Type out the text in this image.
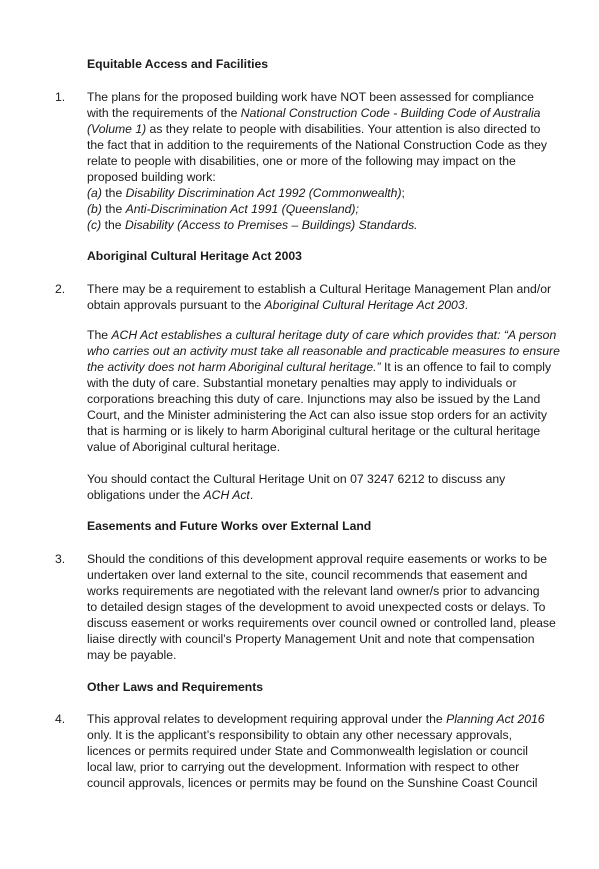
Equitable Access and Facilities
1. The plans for the proposed building work have NOT been assessed for compliance
with the requirements of the National Construction Code - Building Code of Australia
(Volume 1) as they relate to people with disabilities. Your attention is also directed to
the fact that in addition to the requirements of the National Construction Code as they
relate to people with disabilities, one or more of the following may impact on the
proposed building work:
(a) the Disability Discrimination Act 1992 (Commonwealth);
(b) the Anti-Discrimination Act 1991 (Queensland);
(c) the Disability (Access to Premises – Buildings) Standards.
Aboriginal Cultural Heritage Act 2003
2. There may be a requirement to establish a Cultural Heritage Management Plan and/or
obtain approvals pursuant to the Aboriginal Cultural Heritage Act 2003.
The ACH Act establishes a cultural heritage duty of care which provides that: “A person
who carries out an activity must take all reasonable and practicable measures to ensure
the activity does not harm Aboriginal cultural heritage.” It is an offence to fail to comply
with the duty of care. Substantial monetary penalties may apply to individuals or
corporations breaching this duty of care. Injunctions may also be issued by the Land
Court, and the Minister administering the Act can also issue stop orders for an activity
that is harming or is likely to harm Aboriginal cultural heritage or the cultural heritage
value of Aboriginal cultural heritage.
You should contact the Cultural Heritage Unit on 07 3247 6212 to discuss any
obligations under the ACH Act.
Easements and Future Works over External Land
3. Should the conditions of this development approval require easements or works to be
undertaken over land external to the site, council recommends that easement and
works requirements are negotiated with the relevant land owner/s prior to advancing
to detailed design stages of the development to avoid unexpected costs or delays. To
discuss easement or works requirements over council owned or controlled land, please
liaise directly with council’s Property Management Unit and note that compensation
may be payable.
Other Laws and Requirements
4. This approval relates to development requiring approval under the Planning Act 2016
only. It is the applicant’s responsibility to obtain any other necessary approvals,
licences or permits required under State and Commonwealth legislation or council
local law, prior to carrying out the development. Information with respect to other
council approvals, licences or permits may be found on the Sunshine Coast Council
